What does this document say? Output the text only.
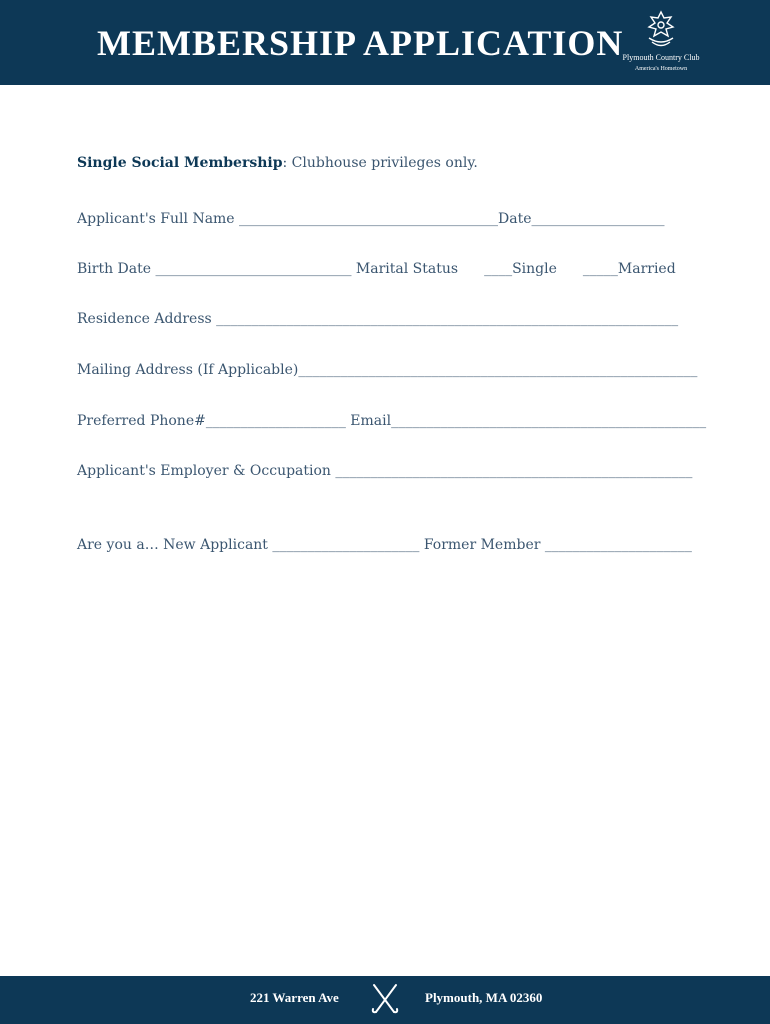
MEMBERSHIP APPLICATION Plymouth Country Club
America's Hometown
Single Social Membership: Clubhouse privileges only.
Applicant's Full Name _____________________________________Date___________________
Birth Date ____________________________ Marital Status ____Single _____Married
Residence Address __________________________________________________________________
Mailing Address (If Applicable)_________________________________________________________
Preferred Phone#____________________ Email_____________________________________________
Applicant's Employer & Occupation ___________________________________________________
Are you a… New Applicant _____________________ Former Member _____________________
221 Warren Ave	Plymouth, MA 02360
